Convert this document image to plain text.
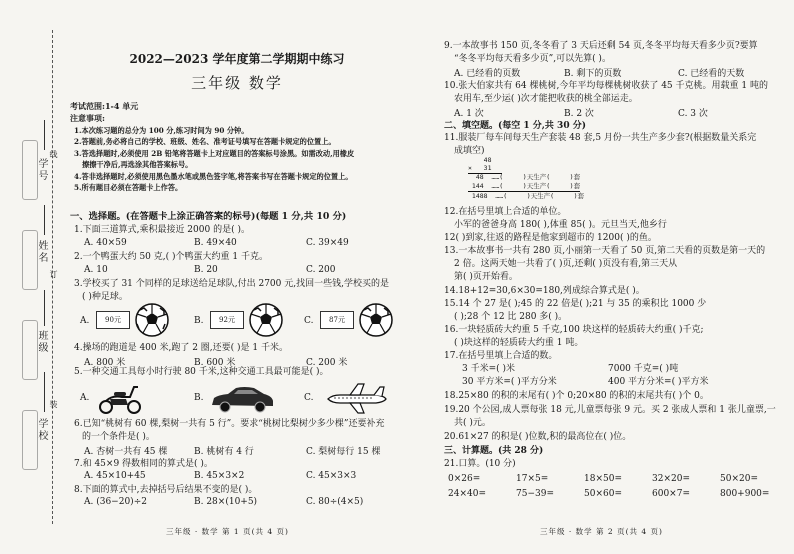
学号
姓名
班级
学校
线
订
装
2022—2023 学年度第二学期期中练习
三年级 数学
考试范围:1-4 单元
注意事项:

1.本次练习题的总分为 100 分,练习时间为 90 分钟。

2.答题前,务必将自己的学校、班级、姓名、准考证号填写在答题卡规定的位置上。

3.答选择题时,必须使用 2B 铅笔将答题卡上对应题目的答案标号涂黑。如需改动,用橡皮

擦擦干净后,再选涂其他答案标号。

4.答非选择题时,必须使用黑色墨水笔或黑色签字笔,将答案书写在答题卡规定的位置上。

5.所有题目必须在答题卡上作答。

一、选择题。(在答题卡上涂正确答案的标号)(每题 1 分,共 10 分)
1.下面三道算式,乘积最接近 2000 的是( )。
A. 40×59	B. 49×40	C. 39×49
2.一个鸭蛋大约 50 克,( )个鸭蛋大约重 1 千克。
A. 10	B. 20	C. 200
3.学校买了 31 个同样的足球送给足球队,付出 2700 元,找回一些钱,学校买的是
( )种足球。
A.	90元	B.	92元	C.	87元
4.操场的跑道是 400 米,跑了 2 圈,还要( )是 1 千米。
A. 800 米	B. 600 米	C. 200 米
5.一种交通工具每小时行驶 80 千米,这种交通工具最可能是( )。
A.	B.	C.
6.已知“桃树有 60 棵,梨树一共有 5 行”。要求“桃树比梨树少多少棵”还要补充
的一个条件是( )。
A. 杏树一共有 45 棵	B. 桃树有 4 行	C. 梨树每行 15 棵
7.和 45×9 得数相同的算式是( )。
A. 45×10+45	B. 45×3×2	C. 45×3×3
8.下面的算式中,去掉括号后结果不变的是( )。
A. (36−20)÷2	B. 28×(10+5)	C. 80÷(4×5)
三年级 · 数学 第 1 页(共 4 页)
9.一本故事书 150 页,冬冬看了 3 天后还剩 54 页,冬冬平均每天看多少页?要算
“冬冬平均每天看多少页”,可以先算( )。
A. 已经看的页数	B. 剩下的页数	C. 已经看的天数
10.张大伯家共有 64 棵桃树,今年平均每棵桃树收获了 45 千克桃。用载重 1 吨的
农用车,至少运( )次才能把收获的桃全部运走。
A. 1 次	B. 2 次	C. 3 次
二、填空题。(每空 1 分,共 30 分)
11.服装厂每车间每天生产套装 48 套,5 月份一共生产多少套?(根据数量关系完
成填空)
48
×   31
48  ……(     )天生产(     )套
144  ……(     )天生产(     )套
1488  ……(     )天生产(     )套
12.在括号里填上合适的单位。
小军的爸爸身高 180( ),体重 85( )。元旦当天,他乡行
12( )到家,往返的路程是他家到超市的 1200( )的鱼。
13.一本故事书一共有 280 页,小丽第一天看了 50 页,第二天看的页数是第一天的
2 倍。这两天她一共看了( )页,还剩( )页没有看,第三天从
第( )页开始看。
14.18+12=30,6×30=180,列成综合算式是( )。
15.14 个 27 是( );45 的 22 倍是( );21 与 35 的乘积比 1000 少
( );28 个 12 比 280 多( )。
16.一块轻质砖大约重 5 千克,100 块这样的轻质砖大约重( )千克;
( )块这样的轻质砖大约重 1 吨。
17.在括号里填上合适的数。
3 千米=( )米	7000 千克=( )吨
30 平方米=( )平方分米	400 平方分米=( )平方米
18.25×80 的积的末尾有( )个 0;20×80 的积的末尾共有( )个 0。
19.20 个公园,成人票每张 18 元,儿童票每张 9 元。买 2 张成人票和 1 张儿童票,一
共( )元。
20.61×27 的积是( )位数,积的最高位在( )位。
三、计算题。(共 28 分)
21.口算。(10 分)
0×26=	17×5=	18×50=	32×20=	50×20=
24×40=	75−39=	50×60=	600×7=	800+900=
三年级 · 数学 第 2 页(共 4 页)
